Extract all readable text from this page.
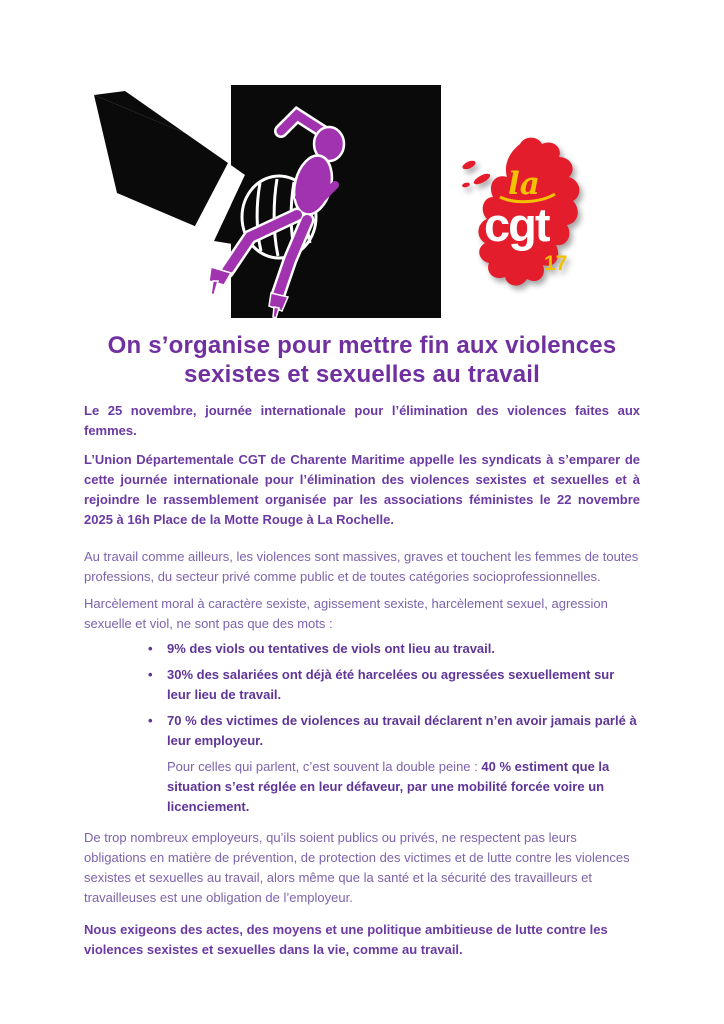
la
cgt
17
On s’organise pour mettre fin aux violences
sexistes et sexuelles au travail

Le 25 novembre, journée internationale pour l’élimination des violences faites aux femmes.

L’Union Départementale CGT de Charente Maritime appelle les syndicats à s’emparer de cette journée internationale pour l’élimination des violences sexistes et sexuelles et à rejoindre le rassemblement organisée par les associations féministes le 22 novembre 2025 à 16h Place de la Motte Rouge à La Rochelle.

Au travail comme ailleurs, les violences sont massives, graves et touchent les femmes de toutes professions, du secteur privé comme public et de toutes catégories socioprofessionnelles.

Harcèlement moral à caractère sexiste, agissement sexiste, harcèlement sexuel, agression sexuelle et viol, ne sont pas que des mots :

• 9% des viols ou tentatives de viols ont lieu au travail.
• 30% des salariées ont déjà été harcelées ou agressées sexuellement sur leur lieu de travail.
• 70 % des victimes de violences au travail déclarent n’en avoir jamais parlé à leur employeur.

Pour celles qui parlent, c’est souvent la double peine : 40 % estiment que la situation s’est réglée en leur défaveur, par une mobilité forcée voire un licenciement.

De trop nombreux employeurs, qu’ils soient publics ou privés, ne respectent pas leurs obligations en matière de prévention, de protection des victimes et de lutte contre les violences sexistes et sexuelles au travail, alors même que la santé et la sécurité des travailleurs et travailleuses est une obligation de l’employeur.

Nous exigeons des actes, des moyens et une politique ambitieuse de lutte contre les violences sexistes et sexuelles dans la vie, comme au travail.
